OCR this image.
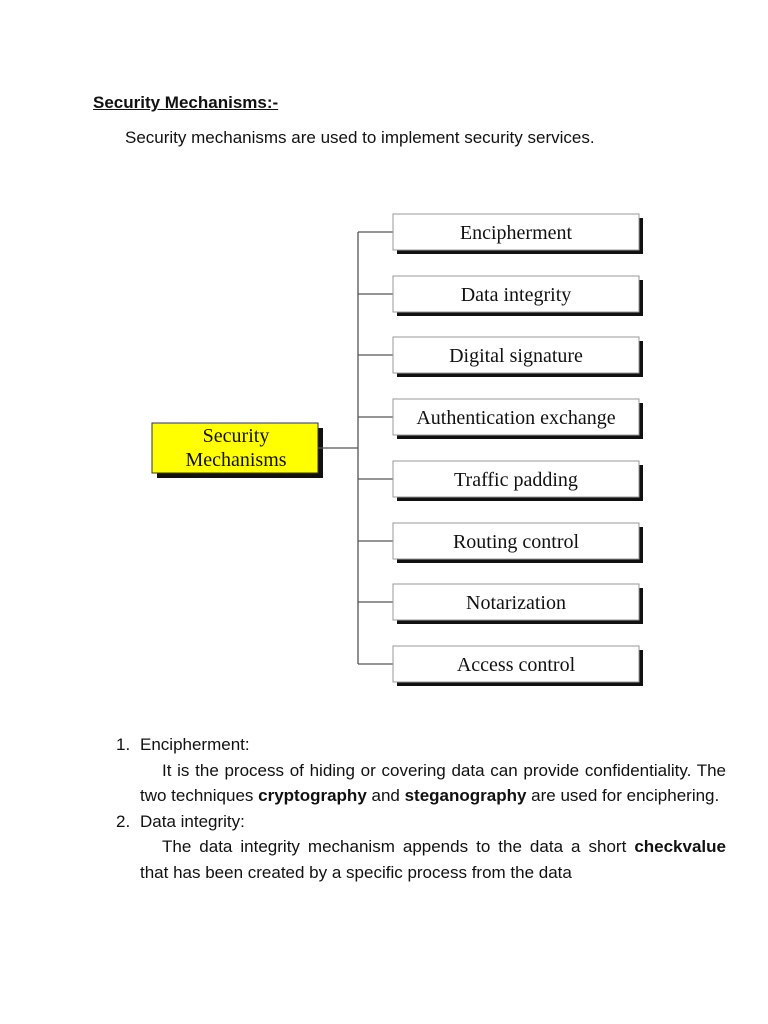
Security Mechanisms:-
Security mechanisms are used to implement security services.
Security
Mechanisms
Encipherment
Data integrity
Digital signature
Authentication exchange
Traffic padding
Routing control
Notarization
Access control
1. Encipherment:
It is the process of hiding or covering data can provide confidentiality. The two techniques cryptography and steganography are used for enciphering.
2. Data integrity:
The data integrity mechanism appends to the data a short checkvalue that has been created by a specific process from the data
